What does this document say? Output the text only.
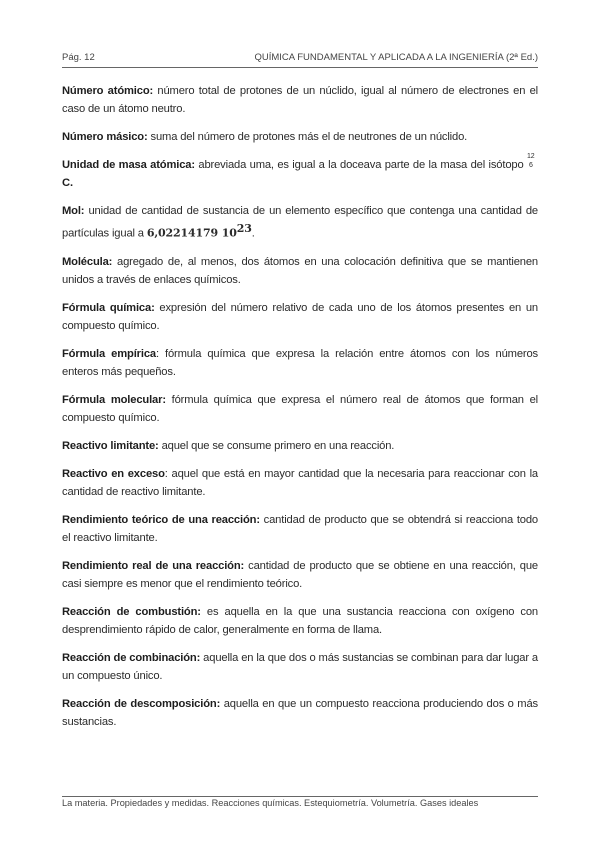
Pág. 12	QUÍMICA FUNDAMENTAL Y APLICADA A LA INGENIERÍA (2ª Ed.)

Número atómico: número total de protones de un núclido, igual al número de electrones en el caso de un átomo neutro.

Número másico: suma del número de protones más el de neutrones de un núclido.

Unidad de masa atómica: abreviada uma, es igual a la doceava parte de la masa del isótopo
12
6
C.

Mol: unidad de cantidad de sustancia de un elemento específico que contenga una cantidad de partículas igual a 6,02214179 $10^{23}$.

Molécula: agregado de, al menos, dos átomos en una colocación definitiva que se mantienen unidos a través de enlaces químicos.

Fórmula química: expresión del número relativo de cada uno de los átomos presentes en un compuesto químico.

Fórmula empírica: fórmula química que expresa la relación entre átomos con los números enteros más pequeños.

Fórmula molecular: fórmula química que expresa el número real de átomos que forman el compuesto químico.

Reactivo limitante: aquel que se consume primero en una reacción.

Reactivo en exceso: aquel que está en mayor cantidad que la necesaria para reaccionar con la cantidad de reactivo limitante.

Rendimiento teórico de una reacción: cantidad de producto que se obtendrá si reacciona todo el reactivo limitante.

Rendimiento real de una reacción: cantidad de producto que se obtiene en una reacción, que casi siempre es menor que el rendimiento teórico.

Reacción de combustión: es aquella en la que una sustancia reacciona con oxígeno con desprendimiento rápido de calor, generalmente en forma de llama.

Reacción de combinación: aquella en la que dos o más sustancias se combinan para dar lugar a un compuesto único.

Reacción de descomposición: aquella en que un compuesto reacciona produciendo dos o más sustancias.

La materia. Propiedades y medidas. Reacciones químicas. Estequiometría. Volumetría. Gases ideales
